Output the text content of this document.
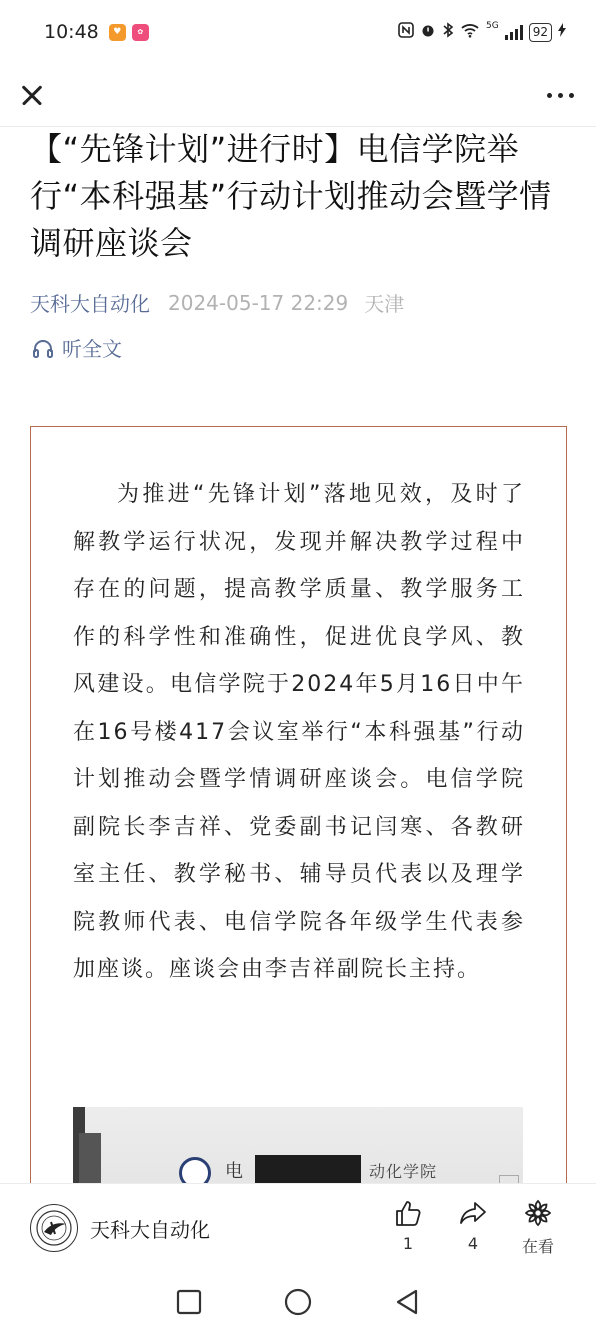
10:48	♥	✿
5G	92
【“先锋计划”进行时】电信学院举行“本科强基”行动计划推动会暨学情调研座谈会
天科大自动化 2024-05-17 22:29 天津
听全文

为推进“先锋计划”落地见效，及时了解教学运行状况，发现并解决教学过程中存在的问题，提高教学质量、教学服务工作的科学性和准确性，促进优良学风、教风建设。电信学院于2024年5月16日中午在16号楼417会议室举行“本科强基”行动计划推动会暨学情调研座谈会。电信学院副院长李吉祥、党委副书记闫寒、各教研室主任、教学秘书、辅导员代表以及理学院教师代表、电信学院各年级学生代表参加座谈。座谈会由李吉祥副院长主持。

电	动化学院
天科大自动化
1	4	在看
